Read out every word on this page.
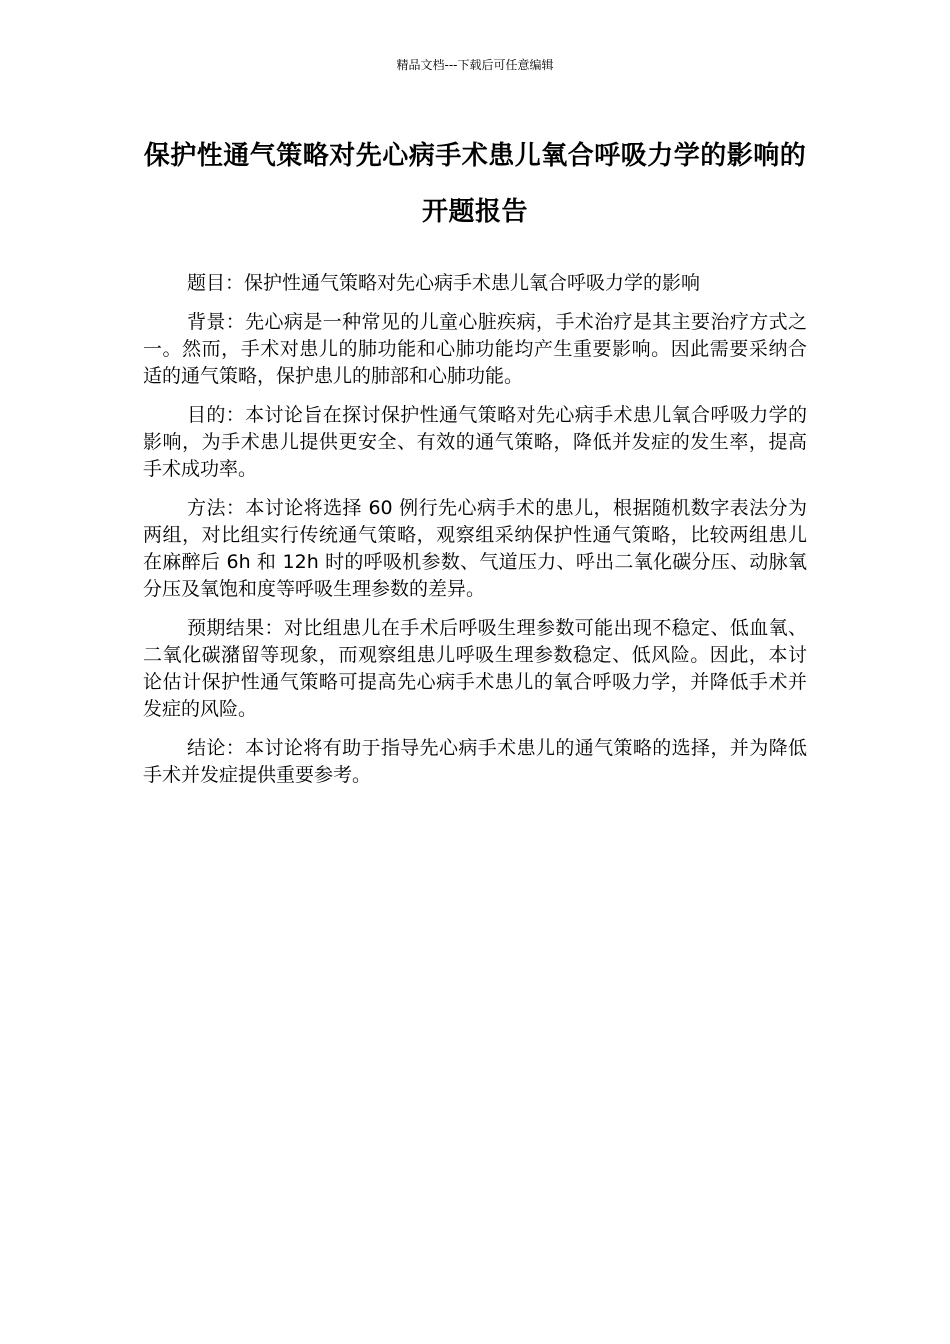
精品文档---下载后可任意编辑
保护性通气策略对先心病手术患儿氧合呼吸力学的影响的开题报告

题目：保护性通气策略对先心病手术患儿氧合呼吸力学的影响

背景：先心病是一种常见的儿童心脏疾病，手术治疗是其主要治疗方式之一。然而，手术对患儿的肺功能和心肺功能均产生重要影响。因此需要采纳合适的通气策略，保护患儿的肺部和心肺功能。

目的：本讨论旨在探讨保护性通气策略对先心病手术患儿氧合呼吸力学的影响，为手术患儿提供更安全、有效的通气策略，降低并发症的发生率，提高手术成功率。

方法：本讨论将选择 60 例行先心病手术的患儿，根据随机数字表法分为两组，对比组实行传统通气策略，观察组采纳保护性通气策略，比较两组患儿在麻醉后 6h 和 12h 时的呼吸机参数、气道压力、呼出二氧化碳分压、动脉氧分压及氧饱和度等呼吸生理参数的差异。

预期结果：对比组患儿在手术后呼吸生理参数可能出现不稳定、低血氧、二氧化碳潴留等现象，而观察组患儿呼吸生理参数稳定、低风险。因此，本讨论估计保护性通气策略可提高先心病手术患儿的氧合呼吸力学，并降低手术并发症的风险。

结论：本讨论将有助于指导先心病手术患儿的通气策略的选择，并为降低手术并发症提供重要参考。
